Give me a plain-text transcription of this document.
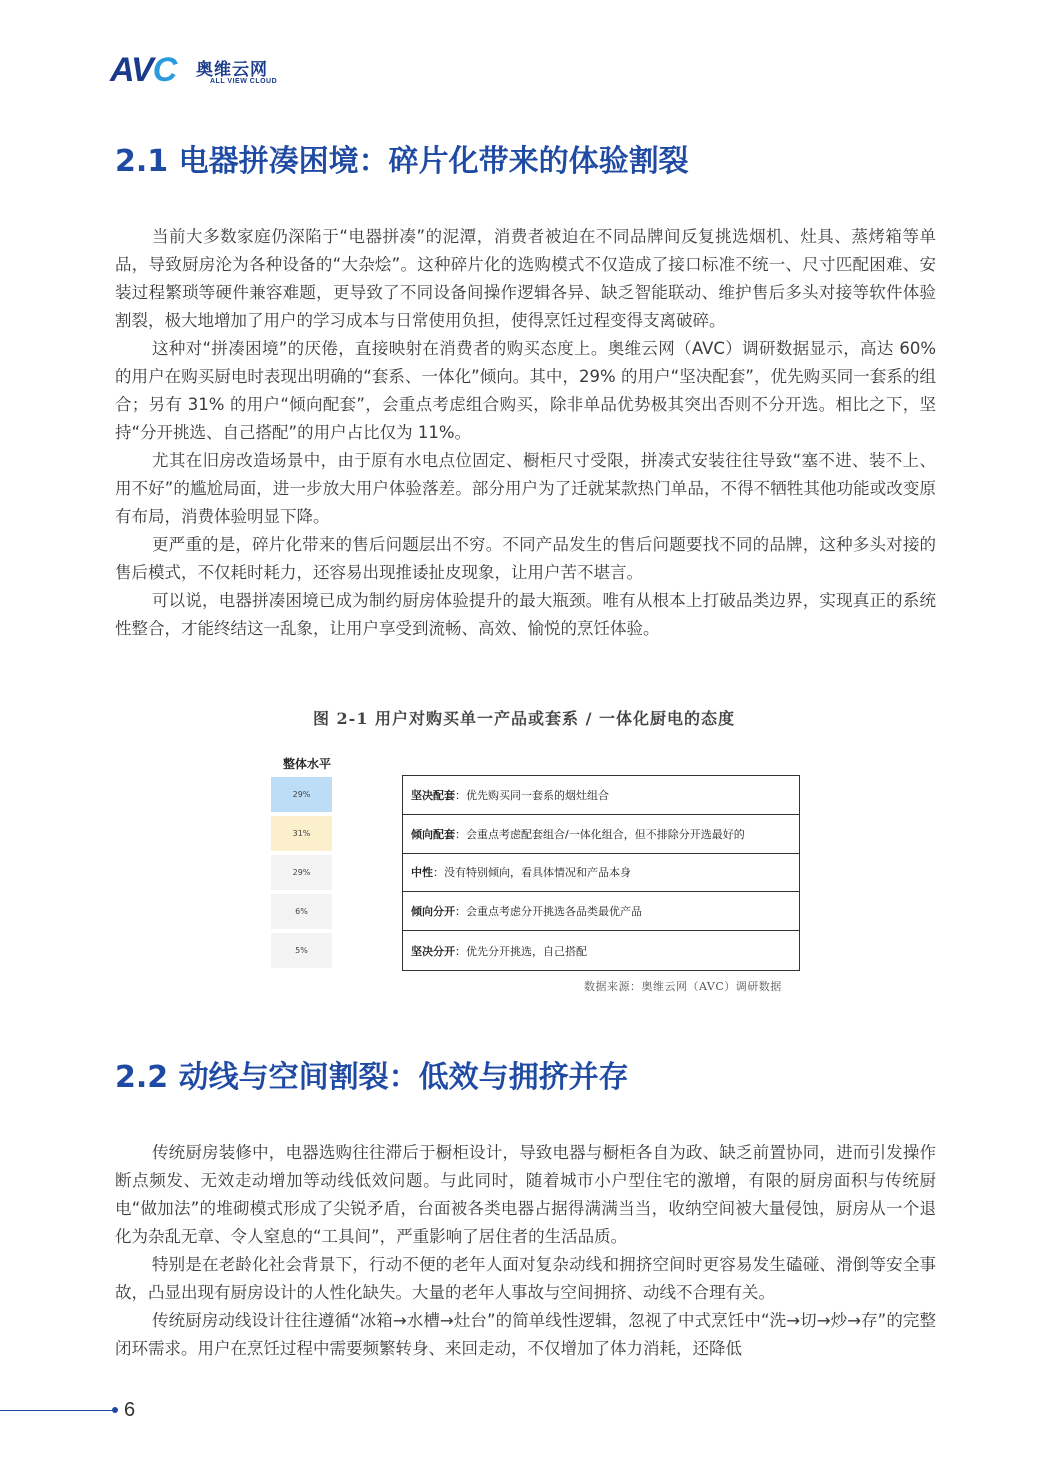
AVC 奥维云网
ALL VIEW CLOUD
2.1 电器拼凑困境：碎片化带来的体验割裂

当前大多数家庭仍深陷于“电器拼凑”的泥潭，消费者被迫在不同品牌间反复挑选烟机、灶具、蒸烤箱等单品，导致厨房沦为各种设备的“大杂烩”。这种碎片化的选购模式不仅造成了接口标准不统一、尺寸匹配困难、安装过程繁琐等硬件兼容难题，更导致了不同设备间操作逻辑各异、缺乏智能联动、维护售后多头对接等软件体验割裂，极大地增加了用户的学习成本与日常使用负担，使得烹饪过程变得支离破碎。

这种对“拼凑困境”的厌倦，直接映射在消费者的购买态度上。奥维云网（AVC）调研数据显示，高达 60% 的用户在购买厨电时表现出明确的“套系、一体化”倾向。其中，29% 的用户“坚决配套”，优先购买同一套系的组合；另有 31% 的用户“倾向配套”，会重点考虑组合购买，除非单品优势极其突出否则不分开选。相比之下，坚持“分开挑选、自己搭配”的用户占比仅为 11%。

尤其在旧房改造场景中，由于原有水电点位固定、橱柜尺寸受限，拼凑式安装往往导致“塞不进、装不上、用不好”的尴尬局面，进一步放大用户体验落差。部分用户为了迁就某款热门单品，不得不牺牲其他功能或改变原有布局，消费体验明显下降。

更严重的是，碎片化带来的售后问题层出不穷。不同产品发生的售后问题要找不同的品牌，这种多头对接的售后模式，不仅耗时耗力，还容易出现推诿扯皮现象，让用户苦不堪言。

可以说，电器拼凑困境已成为制约厨房体验提升的最大瓶颈。唯有从根本上打破品类边界，实现真正的系统性整合，才能终结这一乱象，让用户享受到流畅、高效、愉悦的烹饪体验。

图 2-1 用户对购买单一产品或套系 / 一体化厨电的态度
整体水平
29%
31%
29%
6%
5%
坚决配套 ：优先购买同一套系的烟灶组合
倾向配套 ：会重点考虑配套组合/一体化组合，但不排除分开选最好的
中性 ：没有特别倾向，看具体情况和产品本身
倾向分开 ：会重点考虑分开挑选各品类最优产品
坚决分开 ：优先分开挑选，自己搭配
数据来源：奥维云网（AVC）调研数据
2.2 动线与空间割裂：低效与拥挤并存

传统厨房装修中，电器选购往往滞后于橱柜设计，导致电器与橱柜各自为政、缺乏前置协同，进而引发操作断点频发、无效走动增加等动线低效问题。与此同时，随着城市小户型住宅的激增，有限的厨房面积与传统厨电“做加法”的堆砌模式形成了尖锐矛盾，台面被各类电器占据得满满当当，收纳空间被大量侵蚀，厨房从一个退化为杂乱无章、令人窒息的“工具间”，严重影响了居住者的生活品质。

特别是在老龄化社会背景下，行动不便的老年人面对复杂动线和拥挤空间时更容易发生磕碰、滑倒等安全事故，凸显出现有厨房设计的人性化缺失。大量的老年人事故与空间拥挤、动线不合理有关。

传统厨房动线设计往往遵循“冰箱→水槽→灶台”的简单线性逻辑，忽视了中式烹饪中“洗→切→炒→存”的完整闭环需求。用户在烹饪过程中需要频繁转身、来回走动，不仅增加了体力消耗，还降低

6
